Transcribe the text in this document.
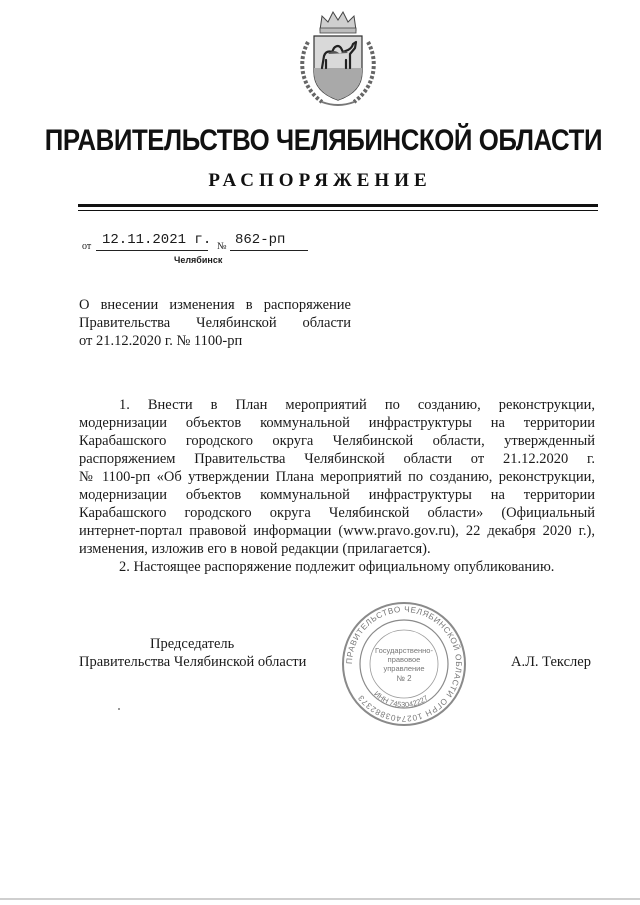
ПРАВИТЕЛЬСТВО ЧЕЛЯБИНСКОЙ ОБЛАСТИ
РАСПОРЯЖЕНИЕ
от 12.11.2021 г. № 862-рп
Челябинск
О внесении изменения в распоряжение
Правительства Челябинской области
от 21.12.2020 г. № 1100-рп
1. Внести в План мероприятий по созданию, реконструкции,
модернизации объектов коммунальной инфраструктуры на территории
Карабашского городского округа Челябинской области, утвержденный
распоряжением Правительства Челябинской области от 21.12.2020 г.
№ 1100-рп «Об утверждении Плана мероприятий по созданию, реконструкции,
модернизации объектов коммунальной инфраструктуры на территории
Карабашского городского округа Челябинской области» (Официальный
интернет-портал правовой информации (www.pravo.gov.ru), 22 декабря 2020 г.),
изменения, изложив его в новой редакции (прилагается).
2. Настоящее распоряжение подлежит официальному опубликованию.
Председатель
Правительства Челябинской области	А.Л. Текслер
ПРАВИТЕЛЬСТВО ЧЕЛЯБИНСКОЙ ОБЛАСТИ ОГРН 1027403882373 ИНН 7453042227
Государственно-
правовое
управление
№ 2
